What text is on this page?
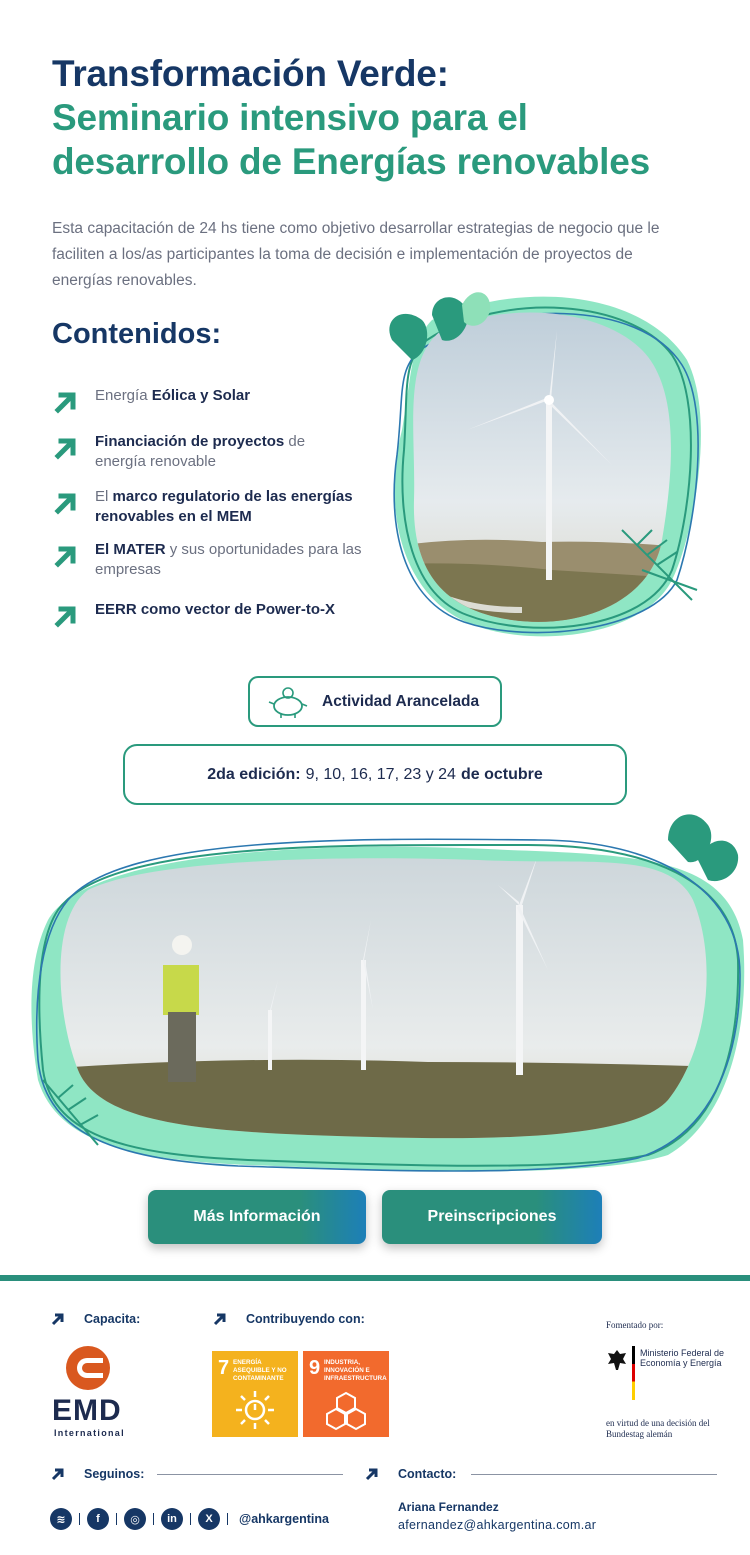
Transformación Verde:
Seminario intensivo para el
desarrollo de Energías renovables

Esta capacitación de 24 hs tiene como objetivo desarrollar estrategias de negocio que le faciliten a los/as participantes la toma de decisión e implementación de proyectos de energías renovables.

Contenidos:
Energía Eólica y Solar
Financiación de proyectos de energía renovable
El marco regulatorio de las energías renovables en el MEM
El MATER y sus oportunidades para las empresas
EERR como vector de Power-to-X
Actividad Arancelada
2da edición: 9, 10, 16, 17, 23 y 24 de octubre
Más Información	Preinscripciones
Capacita:
EMD
International
Contribuyendo con:
7 ENERGÍA ASEQUIBLE Y NO CONTAMINANTE	9 INDUSTRIA, INNOVACIÓN E INFRAESTRUCTURA
Fomentado por:
Ministerio Federal de Economía y Energía
en virtud de una decisión del Bundestag alemán
Seguinos:
≋	f	◎	in	X	@ahkargentina
Contacto:
Ariana Fernandez
afernandez@ahkargentina.com.ar
